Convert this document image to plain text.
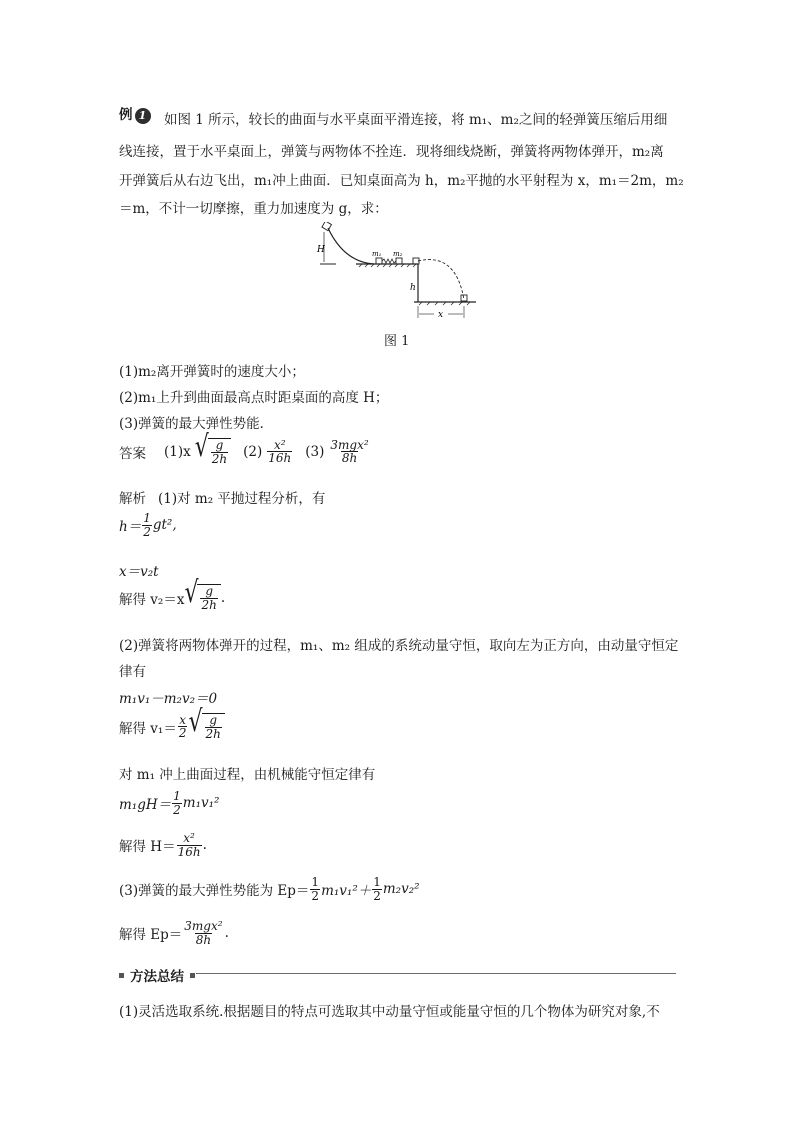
例 1	如图 1 所示，较长的曲面与水平桌面平滑连接，将 m₁、m₂之间的轻弹簧压缩后用细
线连接，置于水平桌面上，弹簧与两物体不拴连．现将细线烧断，弹簧将两物体弹开，m₂离
开弹簧后从右边飞出，m₁冲上曲面．已知桌面高为 h，m₂平抛的水平射程为 x，m₁＝2m，m₂
＝m，不计一切摩擦，重力加速度为 g，求：
H
h
x
m₁ m₂
图 1
(1)m₂离开弹簧时的速度大小；
(2)m₁上升到曲面最高点时距桌面的高度 H；
(3)弹簧的最大弹性势能．
答案 (1)x √ $\frac{g}{2h} (2) \frac{\text{x²}}{16h} (3) \frac{\text{3mgx²}}{8h}$
解析 (1)对 m₂ 平抛过程分析，有
$h= \frac{1}{2} gt^2$,
x＝v₂t
解得 v₂＝x √ $\frac{g}{2h}$ .
(2)弹簧将两物体弹开的过程，m₁、m₂ 组成的系统动量守恒，取向左为正方向，由动量守恒定
律有
m₁v₁－m₂v₂＝0
解得 $v_1= \frac{x}{2}$ √ $\frac{g}{2h}$
对 m₁ 冲上曲面过程，由机械能守恒定律有
$m_1gH= \frac{1}{2} m_1v_1^2$
解得 $H= \frac{\text{x²}}{16h}$ .
(3)弹簧的最大弹性势能为 $Ep= \frac{1}{2} m_1v_1^2+ \frac{1}{2} m_2v_2^2$
解得 $Ep= \frac{\text{3mgx²}}{8h}$ .
方法总结
(1)灵活选取系统.根据题目的特点可选取其中动量守恒或能量守恒的几个物体为研究对象,不
